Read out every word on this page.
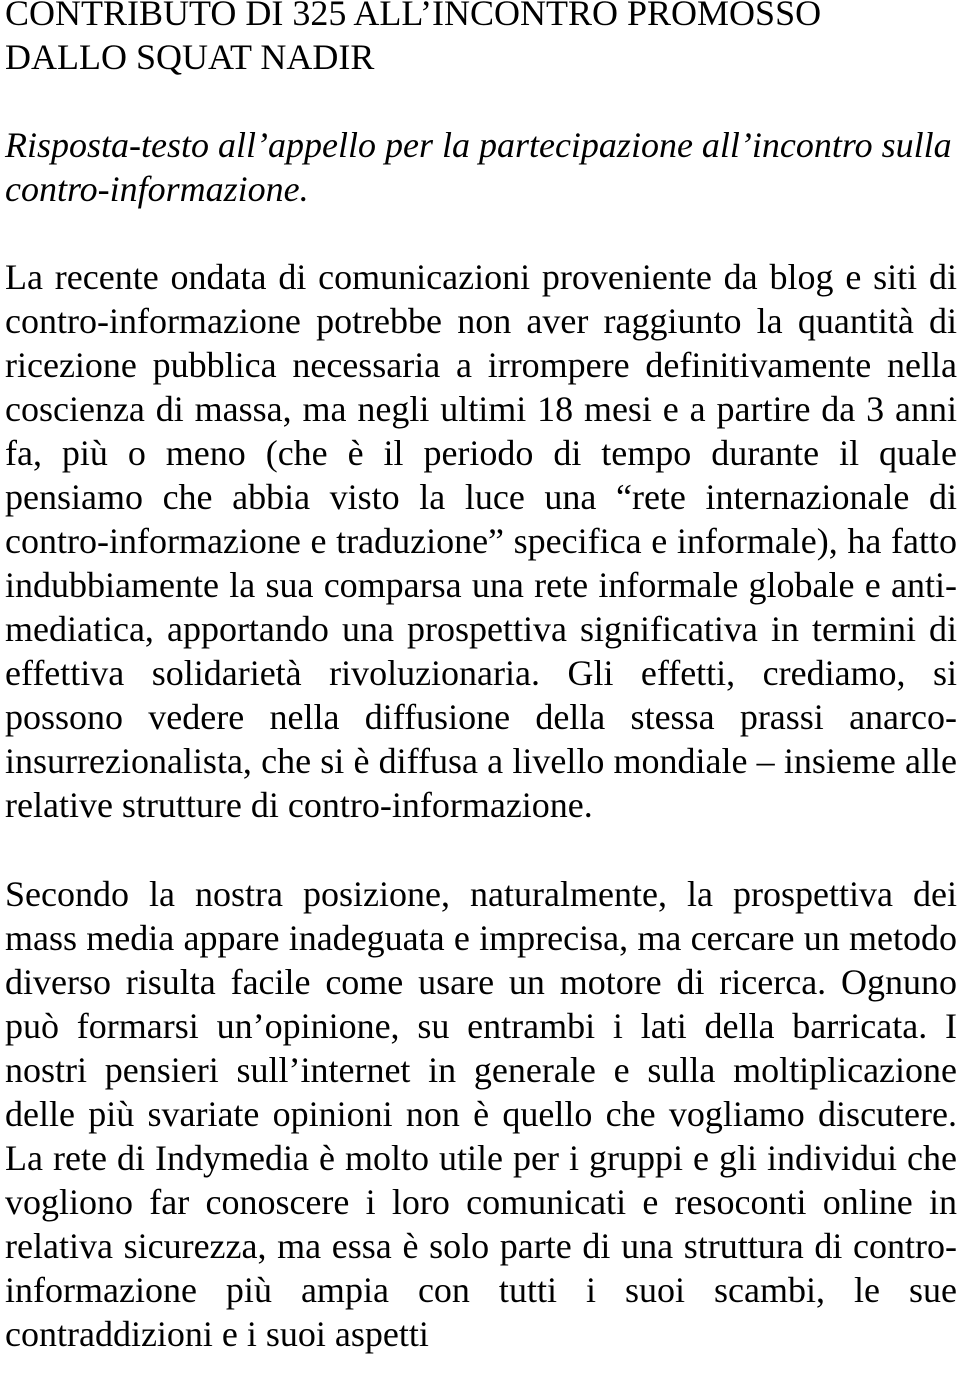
CONTRIBUTO DI 325 ALL’INCONTRO PROMOSSO

DALLO SQUAT NADIR

Risposta-testo all’appello per la partecipazione all’incontro sulla contro-informazione.

La recente ondata di comunicazioni proveniente da blog e siti di contro-informazione potrebbe non aver raggiunto la quantità di ricezione pubblica necessaria a irrompere definitivamente nella coscienza di massa, ma negli ultimi 18 mesi e a partire da 3 anni fa, più o meno (che è il periodo di tempo durante il quale pensiamo che abbia visto la luce una “rete internazionale di contro-informazione e traduzione” specifica e informale), ha fatto indubbiamente la sua comparsa una rete informale globale e anti-mediatica, apportando una prospettiva significativa in termini di effettiva solidarietà rivoluzionaria. Gli effetti, crediamo, si possono vedere nella diffusione della stessa prassi anarco-insurrezionalista, che si è diffusa a livello mondiale – insieme alle relative strutture di contro-informazione.

Secondo la nostra posizione, naturalmente, la prospettiva dei mass media appare inadeguata e imprecisa, ma cercare un metodo diverso risulta facile come usare un motore di ricerca. Ognuno può formarsi un’opinione, su entrambi i lati della barricata. I nostri pensieri sull’internet in generale e sulla moltiplicazione delle più svariate opinioni non è quello che vogliamo discutere. La rete di Indymedia è molto utile per i gruppi e gli individui che vogliono far conoscere i loro comunicati e resoconti online in relativa sicurezza, ma essa è solo parte di una struttura di contro-informazione più ampia con tutti i suoi scambi, le sue contraddizioni e i suoi aspetti
